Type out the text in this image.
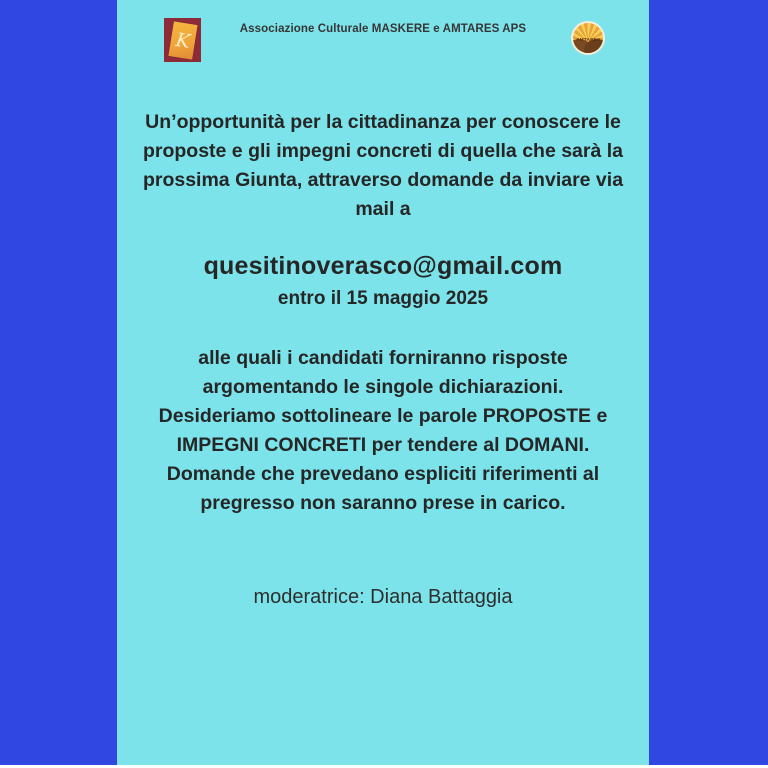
K	Associazione Culturale MASKERE e AMTARES APS
AMTARES
Un’opportunità per la cittadinanza per conoscere le
proposte e gli impegni concreti di quella che sarà la
prossima Giunta, attraverso domande da inviare via
mail a
quesitinoverasco@gmail.com
entro il 15 maggio 2025
alle quali i candidati forniranno risposte
argomentando le singole dichiarazioni.
Desideriamo sottolineare le parole PROPOSTE e
IMPEGNI CONCRETI per tendere al DOMANI.
Domande che prevedano espliciti riferimenti al
pregresso non saranno prese in carico.
moderatrice: Diana Battaggia
